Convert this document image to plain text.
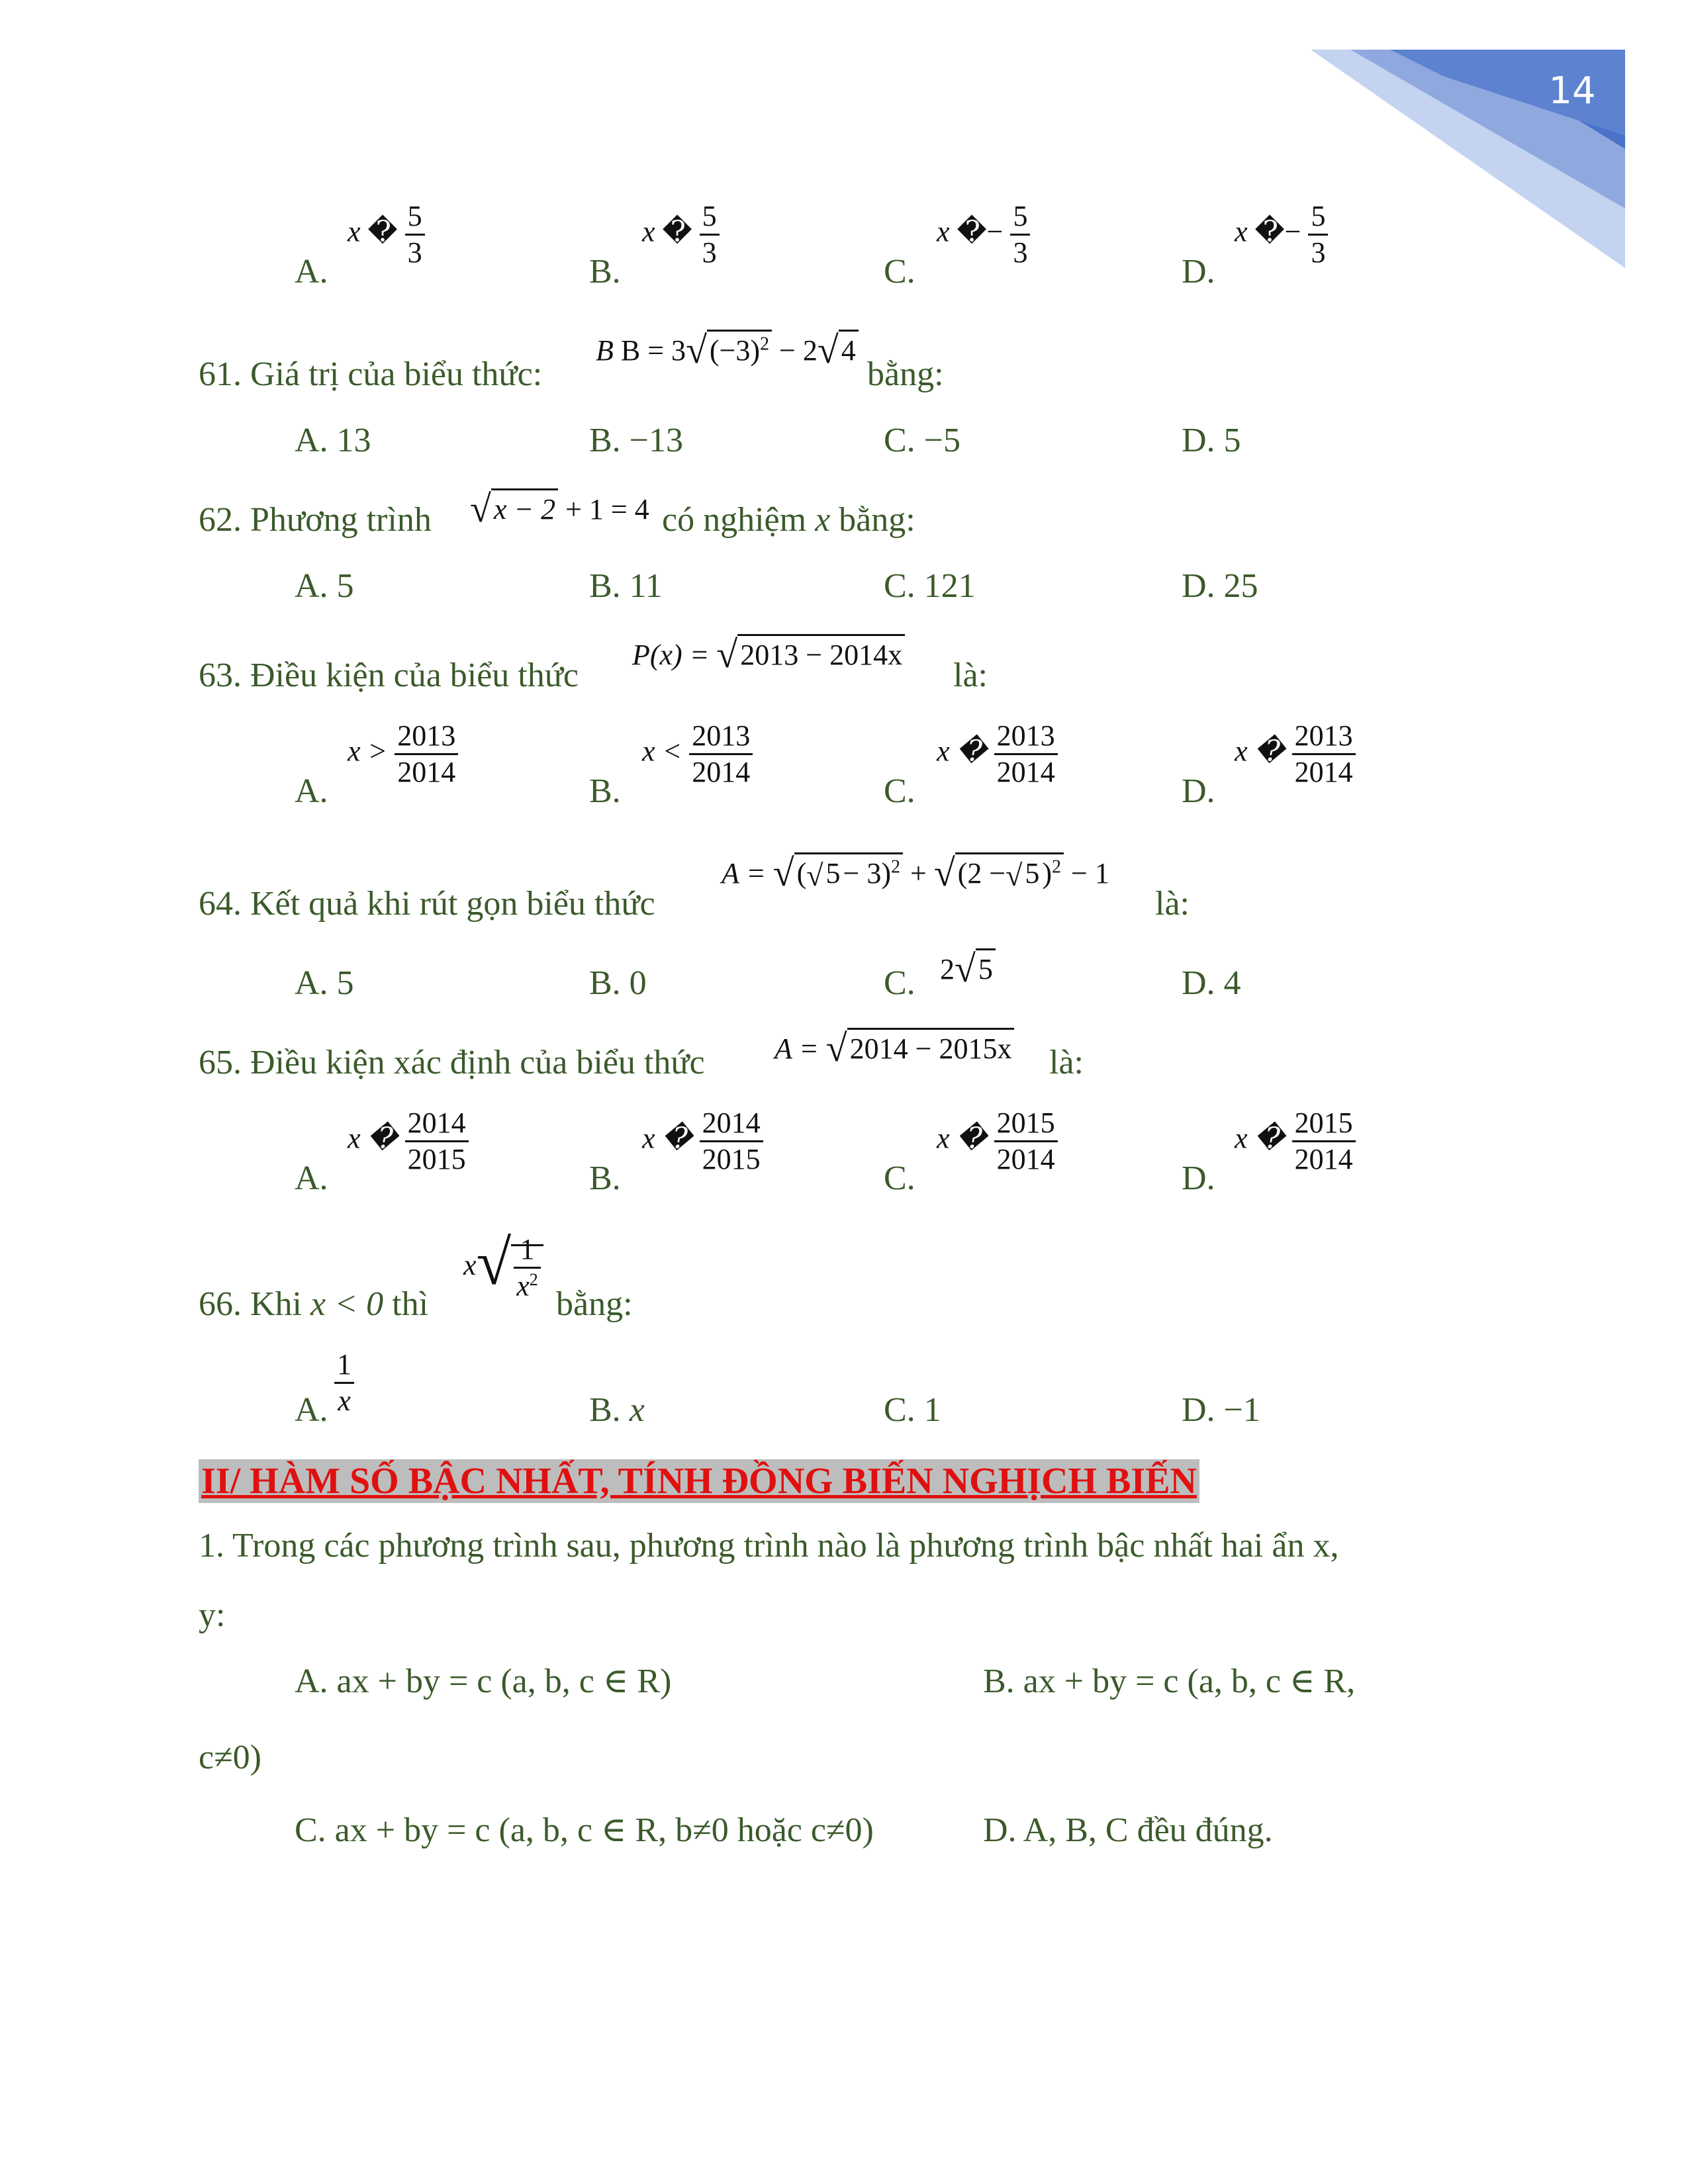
14
A.
x � $\frac{5}{3}$
B.
x � $\frac{5}{3}$
C.
x �− $\frac{5}{3}$
D.
x �− $\frac{5}{3}$
61. Giá trị của biểu thức:
B $B = 3√(-3)^2 - 2√4$
bằng:
A. 13	B. −13	C. −5	D. 5
62. Phương trình √x − 2 + 1 = 4 có nghiệm x bằng:
A. 5	B. 11	C. 121	D. 25
63. Điều kiện của biểu thức
P(x) = √2013 − 2014x
là:
A.
$x > \frac{2013}{2014}$
B.
$x < \frac{2013}{2014}$
C.
x � $\frac{2013}{2014}$
D.
x � $\frac{2013}{2014}$
64. Kết quả khi rút gọn biểu thức
$A = √(√5- 3)^2 + √(2 -√5)^2 - 1$
là:
A. 5	B. 0	C. 2√5	D. 4
65. Điều kiện xác định của biểu thức A = √2014 − 2015x là:
A.
x � $\frac{2014}{2015}$
B.
x � $\frac{2014}{2015}$
C.
x � $\frac{2015}{2014}$
D.
x � $\frac{2015}{2014}$
66. Khi x < 0 thì
$x√ \frac{1}{x^2}$
bằng:
A. $\frac{1}{x}$	B. x	C. 1	D. −1
II/ HÀM SỐ BẬC NHẤT, TÍNH ĐỒNG BIẾN NGHỊCH BIẾN
1. Trong các phương trình sau, phương trình nào là phương trình bậc nhất hai ẩn x,
y:
A. ax + by = c (a, b, c ∈ R)	B. ax + by = c (a, b, c ∈ R,
c≠0)
C. ax + by = c (a, b, c ∈ R, b≠0 hoặc c≠0)	D. A, B, C đều đúng.
